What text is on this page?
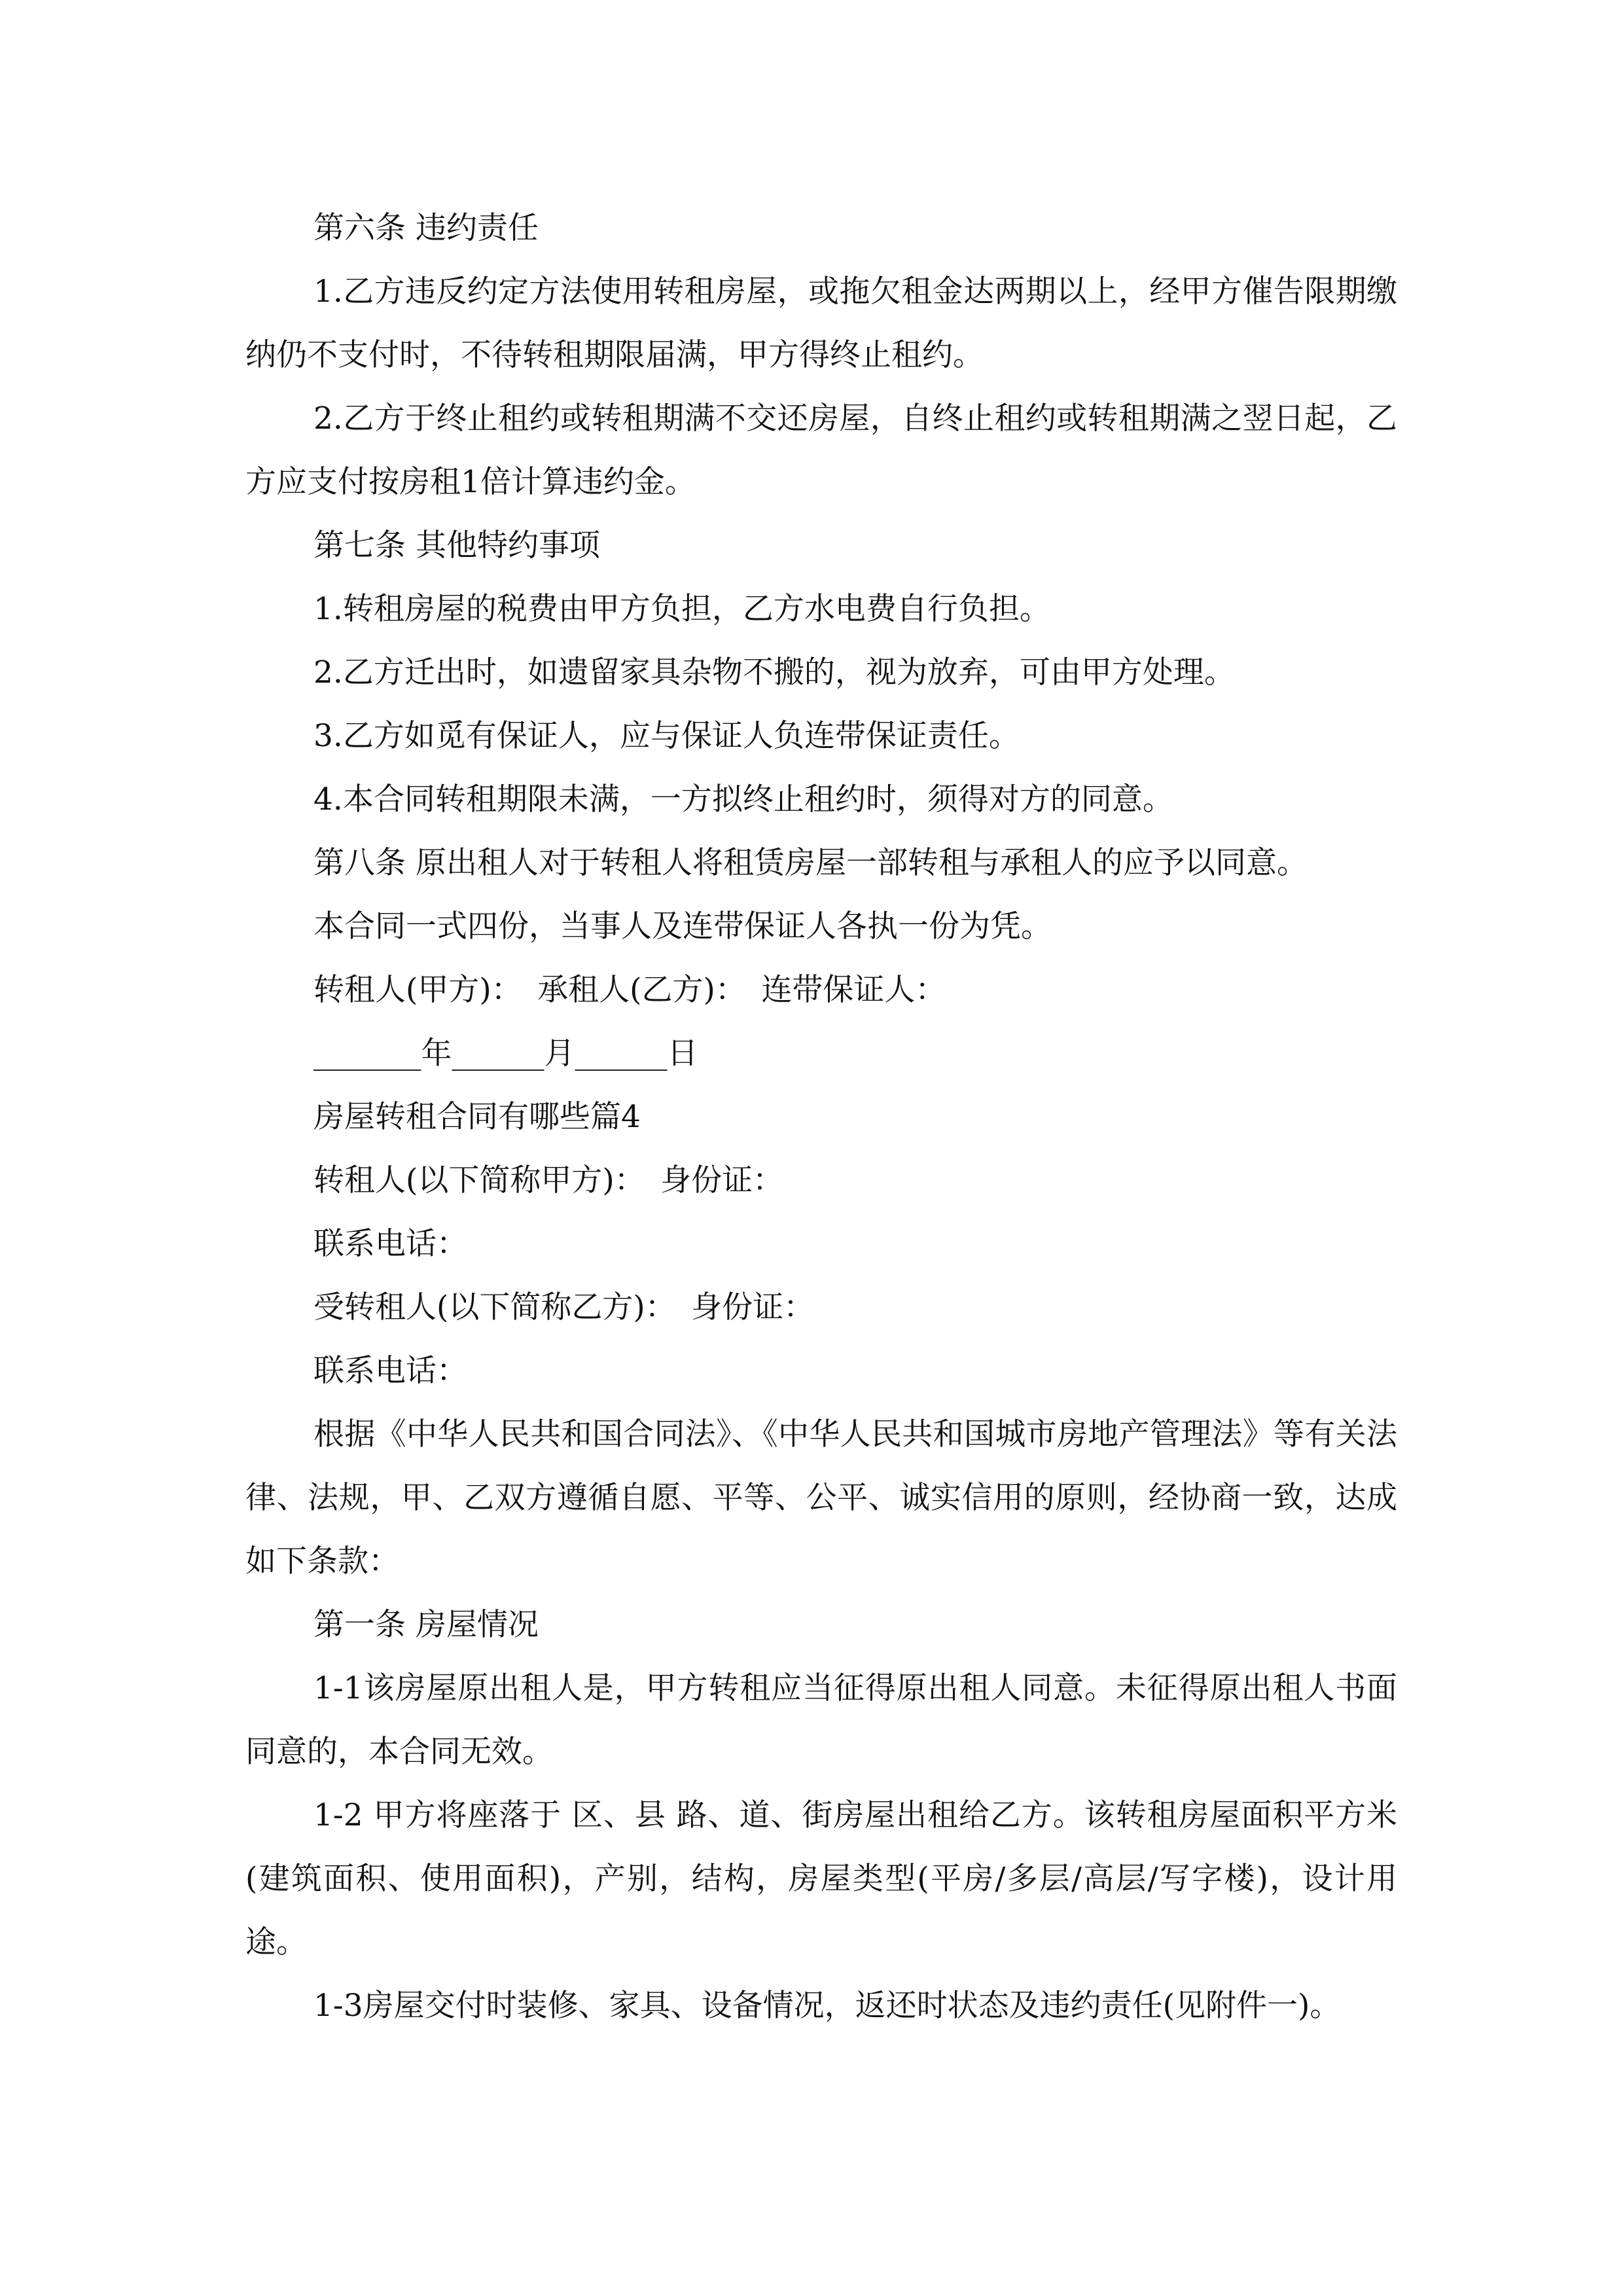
第六条 违约责任

1.乙方违反约定方法使用转租房屋，或拖欠租金达两期以上，经甲方催告限期缴纳仍不支付时，不待转租期限届满，甲方得终止租约。

2.乙方于终止租约或转租期满不交还房屋，自终止租约或转租期满之翌日起，乙方应支付按房租1倍计算违约金。

第七条 其他特约事项

1.转租房屋的税费由甲方负担，乙方水电费自行负担。

2.乙方迁出时，如遗留家具杂物不搬的，视为放弃，可由甲方处理。

3.乙方如觅有保证人，应与保证人负连带保证责任。

4.本合同转租期限未满，一方拟终止租约时，须得对方的同意。

第八条 原出租人对于转租人将租赁房屋一部转租与承租人的应予以同意。

本合同一式四份，当事人及连带保证人各执一份为凭。

转租人(甲方)：　承租人(乙方)：　连带保证人：

_______年______月______日

房屋转租合同有哪些篇4

转租人(以下简称甲方)：　身份证：

联系电话：

受转租人(以下简称乙方)：　身份证：

联系电话：

根据《中华人民共和国合同法》、《中华人民共和国城市房地产管理法》等有关法律、法规，甲、乙双方遵循自愿、平等、公平、诚实信用的原则，经协商一致，达成如下条款：

第一条 房屋情况

1-1该房屋原出租人是，甲方转租应当征得原出租人同意。未征得原出租人书面同意的，本合同无效。

1-2 甲方将座落于 区、县 路、道、街房屋出租给乙方。该转租房屋面积平方米(建筑面积、使用面积)，产别，结构，房屋类型(平房/多层/高层/写字楼)，设计用途。

1-3房屋交付时装修、家具、设备情况，返还时状态及违约责任(见附件一)。
